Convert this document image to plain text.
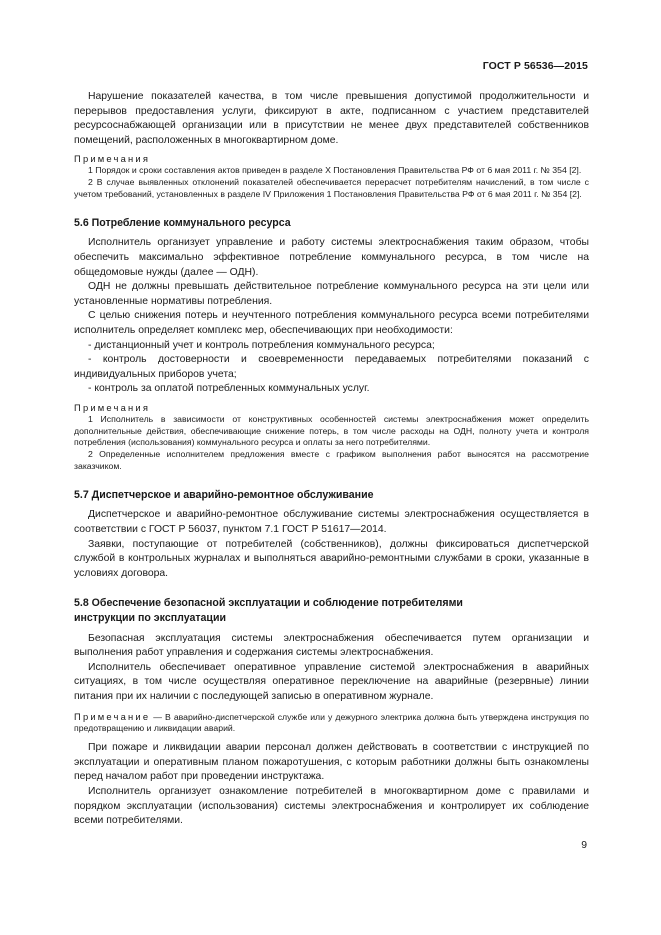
ГОСТ Р 56536—2015

Нарушение показателей качества, в том числе превышения допустимой продолжительности и перерывов предоставления услуги, фиксируют в акте, подписанном с участием представителей ресурсоснабжающей организации или в присутствии не менее двух представителей собственников помещений, расположенных в многоквартирном доме.

Примечания

1 Порядок и сроки составления актов приведен в разделе X Постановления Правительства РФ от 6 мая 2011 г. № 354 [2].

2 В случае выявленных отклонений показателей обеспечивается перерасчет потребителям начислений, в том числе с учетом требований, установленных в разделе IV Приложения 1 Постановления Правительства РФ от 6 мая 2011 г. № 354 [2].

5.6 Потребление коммунального ресурса

Исполнитель организует управление и работу системы электроснабжения таким образом, чтобы обеспечить максимально эффективное потребление коммунального ресурса, в том числе на общедомовые нужды (далее — ОДН).

ОДН не должны превышать действительное потребление коммунального ресурса на эти цели или установленные нормативы потребления.

С целью снижения потерь и неучтенного потребления коммунального ресурса всеми потребителями исполнитель определяет комплекс мер, обеспечивающих при необходимости:

- дистанционный учет и контроль потребления коммунального ресурса;

- контроль достоверности и своевременности передаваемых потребителями показаний с индивидуальных приборов учета;

- контроль за оплатой потребленных коммунальных услуг.

Примечания

1 Исполнитель в зависимости от конструктивных особенностей системы электроснабжения может определить дополнительные действия, обеспечивающие снижение потерь, в том числе расходы на ОДН, полноту учета и контроля потребления (использования) коммунального ресурса и оплаты за него потребителями.

2 Определенные исполнителем предложения вместе с графиком выполнения работ выносятся на рассмотрение заказчиком.

5.7 Диспетчерское и аварийно-ремонтное обслуживание

Диспетчерское и аварийно-ремонтное обслуживание системы электроснабжения осуществляется в соответствии с ГОСТ Р 56037, пунктом 7.1 ГОСТ Р 51617—2014.

Заявки, поступающие от потребителей (собственников), должны фиксироваться диспетчерской службой в контрольных журналах и выполняться аварийно-ремонтными службами в сроки, указанные в условиях договора.

5.8 Обеспечение безопасной эксплуатации и соблюдение потребителями инструкции по эксплуатации

Безопасная эксплуатация системы электроснабжения обеспечивается путем организации и выполнения работ управления и содержания системы электроснабжения.

Исполнитель обеспечивает оперативное управление системой электроснабжения в аварийных ситуациях, в том числе осуществляя оперативное переключение на аварийные (резервные) линии питания при их наличии с последующей записью в оперативном журнале.

Примечание — В аварийно-диспетчерской службе или у дежурного электрика должна быть утверждена инструкция по предотвращению и ликвидации аварий.

При пожаре и ликвидации аварии персонал должен действовать в соответствии с инструкцией по эксплуатации и оперативным планом пожаротушения, с которым работники должны быть ознакомлены перед началом работ при проведении инструктажа.

Исполнитель организует ознакомление потребителей в многоквартирном доме с правилами и порядком эксплуатации (использования) системы электроснабжения и контролирует их соблюдение всеми потребителями.

9
